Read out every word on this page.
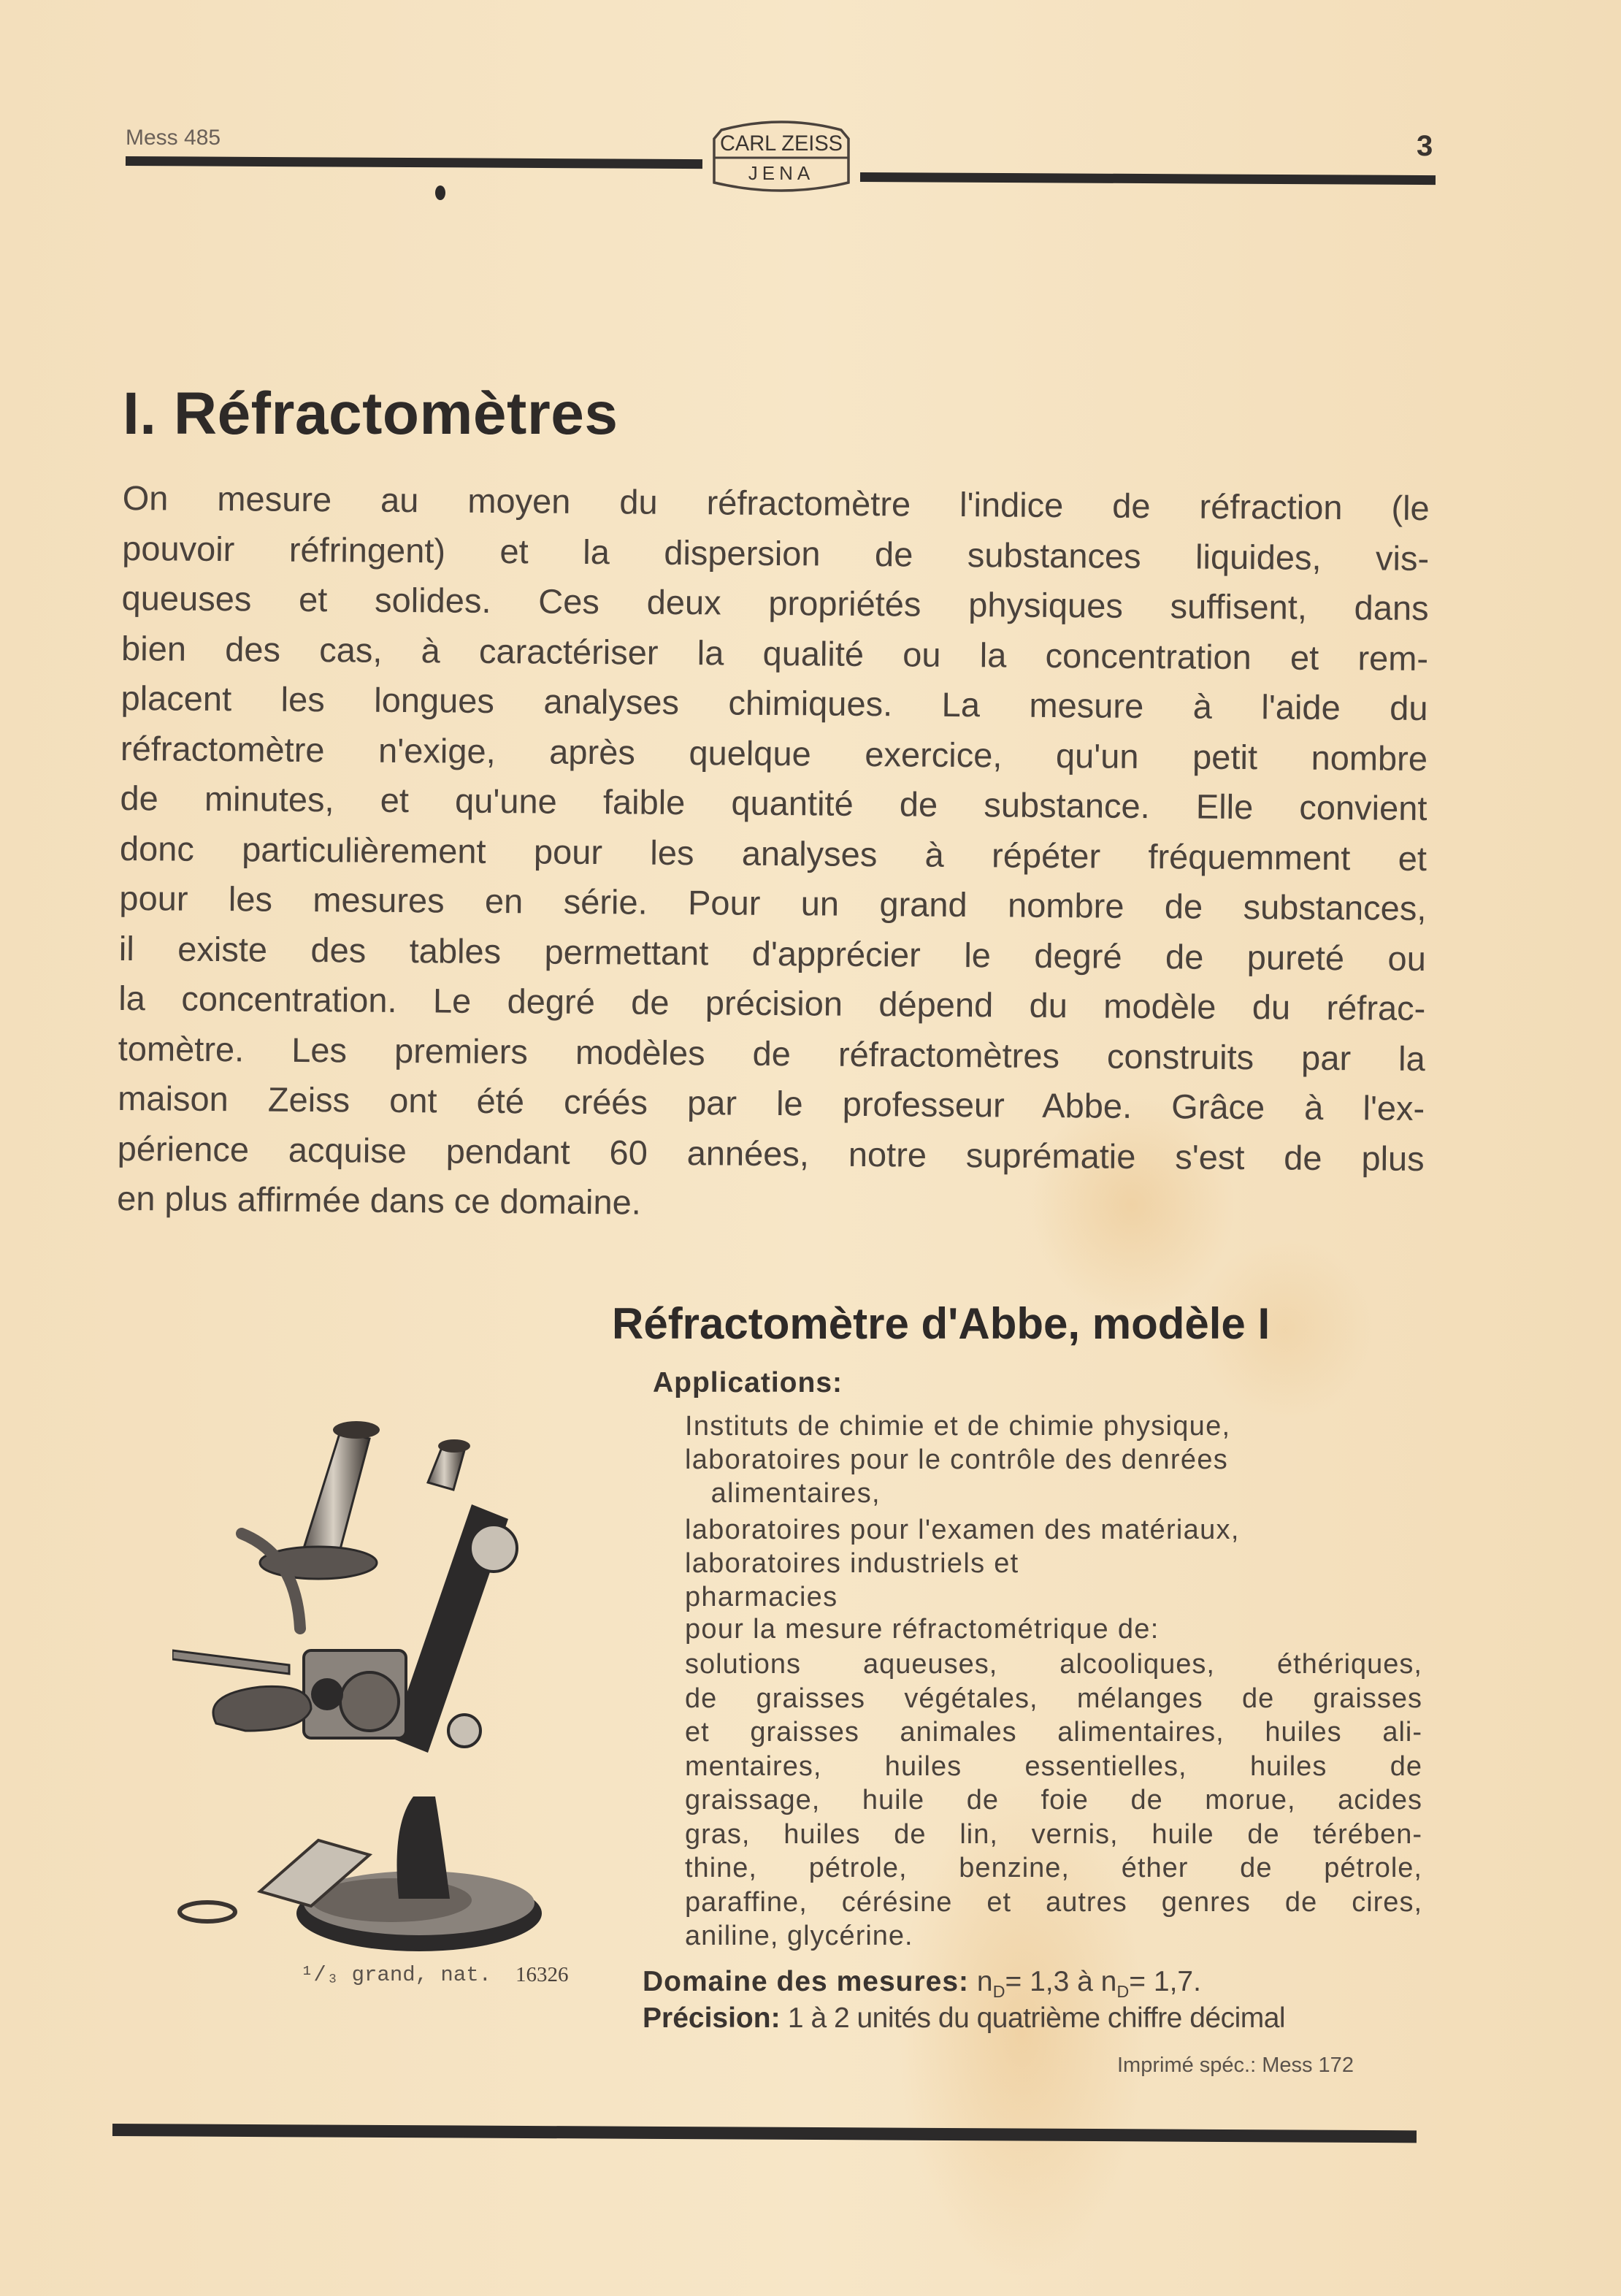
Mess 485	CARL ZEISS
JENA
3
I. Réfractomètres
On mesure au moyen du réfractomètre l'indice de réfraction (le
pouvoir réfringent) et la dispersion de substances liquides, vis-
queuses et solides. Ces deux propriétés physiques suffisent, dans
bien des cas, à caractériser la qualité ou la concentration et rem-
placent les longues analyses chimiques. La mesure à l'aide du
réfractomètre n'exige, après quelque exercice, qu'un petit nombre
de minutes, et qu'une faible quantité de substance. Elle convient
donc particulièrement pour les analyses à répéter fréquemment et
pour les mesures en série. Pour un grand nombre de substances,
il existe des tables permettant d'apprécier le degré de pureté ou
la concentration. Le degré de précision dépend du modèle du réfrac-
tomètre. Les premiers modèles de réfractomètres construits par la
maison Zeiss ont été créés par le professeur Abbe. Grâce à l'ex-
périence acquise pendant 60 années, notre suprématie s'est de plus
en plus affirmée dans ce domaine.
¹/₃ grand, nat. 16326
Réfractomètre d'Abbe, modèle I
Applications:
Instituts de chimie et de chimie physique,
laboratoires pour le contrôle des denrées
alimentaires,
laboratoires pour l'examen des matériaux,
laboratoires industriels et
pharmacies
pour la mesure réfractométrique de:
solutions aqueuses, alcooliques, éthériques,
de graisses végétales, mélanges de graisses
et graisses animales alimentaires, huiles ali-
mentaires, huiles essentielles, huiles de
graissage, huile de foie de morue, acides
gras, huiles de lin, vernis, huile de térében-
thine, pétrole, benzine, éther de pétrole,
paraffine, cérésine et autres genres de cires,
aniline, glycérine.
Domaine des mesures: $n_D= 1,3$ à $n_D= 1,7$.
Précision: 1 à 2 unités du quatrième chiffre décimal
Imprimé spéc.: Mess 172
